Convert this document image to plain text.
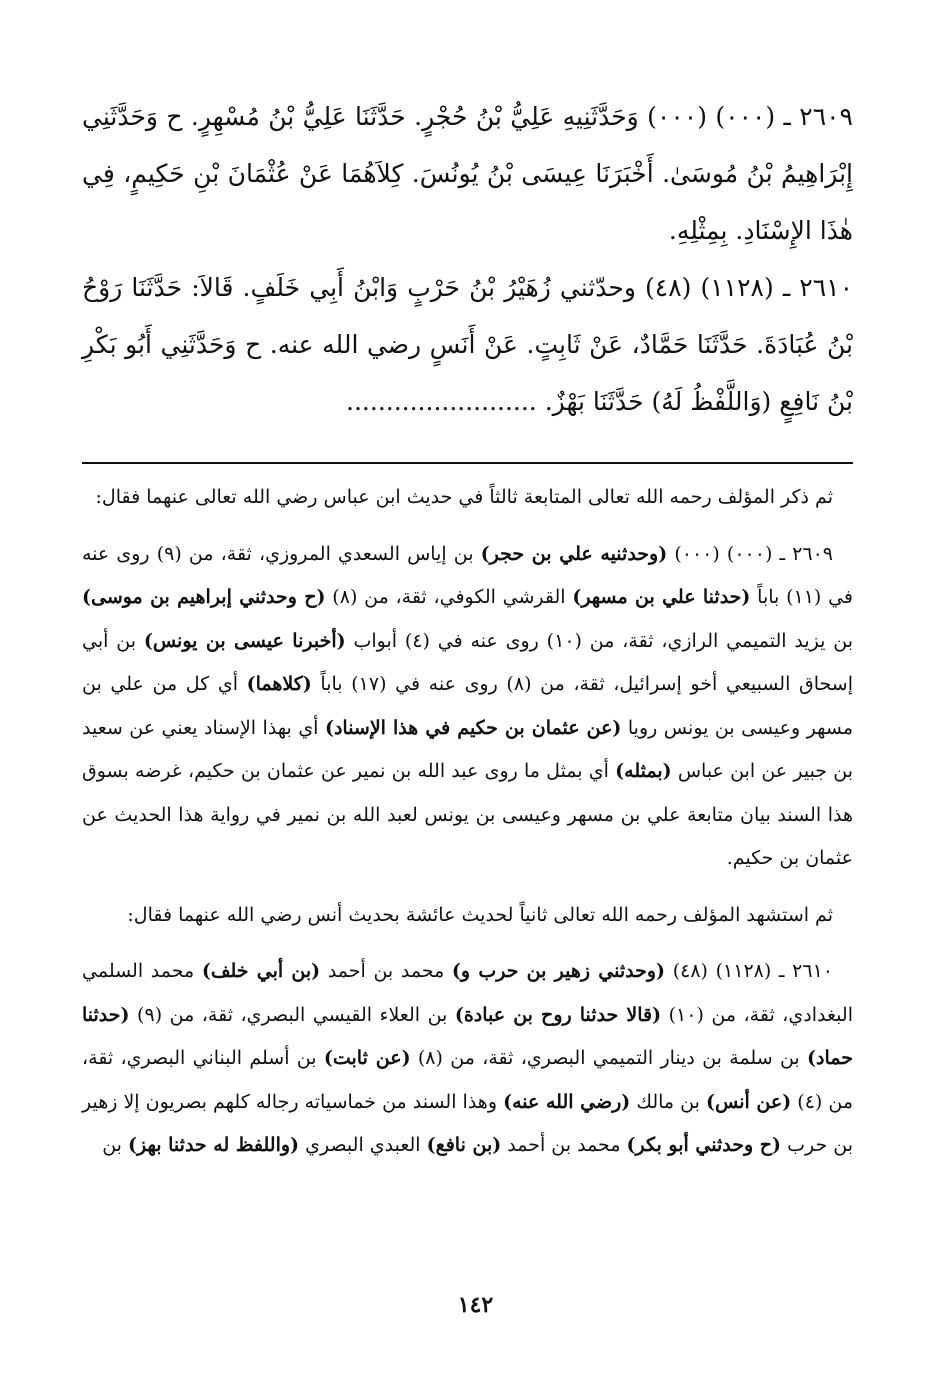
٢٦٠٩ ـ (٠٠٠) (٠٠٠) وَحَدَّثَنِيهِ عَلِيُّ بْنُ حُجْرٍ. حَدَّثَنَا عَلِيُّ بْنُ مُسْهِرٍ. ح وَحَدَّثَنِي إِبْرَاهِيمُ بْنُ مُوسَىٰ. أَخْبَرَنَا عِيسَى بْنُ يُونُسَ. كِلاَهُمَا عَنْ عُثْمَانَ بْنِ حَكِيمٍ، فِي هٰذَا الإِسْنَادِ. بِمِثْلِهِ.

٢٦١٠ ـ (١١٢٨) (٤٨) وحدّثني زُهَيْرُ بْنُ حَرْبٍ وَابْنُ أَبِي خَلَفٍ. قَالاَ: حَدَّثَنَا رَوْحُ بْنُ عُبَادَةَ. حَدَّثَنَا حَمَّادٌ، عَنْ ثَابِتٍ. عَنْ أَنَسٍ رضي الله عنه. ح وَحَدَّثَنِي أَبُو بَكْرِ بْنُ نَافِعٍ (وَاللَّفْظُ لَهُ) حَدَّثَنَا بَهْزٌ. ........................

ثم ذكر المؤلف رحمه الله تعالى المتابعة ثالثاً في حديث ابن عباس رضي الله تعالى عنهما فقال:

٢٦٠٩ ـ (٠٠٠) (٠٠٠) (وحدثنيه علي بن حجر) بن إياس السعدي المروزي، ثقة، من (٩) روى عنه في (١١) باباً (حدثنا علي بن مسهر) القرشي الكوفي، ثقة، من (٨) (ح وحدثني إبراهيم بن موسى) بن يزيد التميمي الرازي، ثقة، من (١٠) روى عنه في (٤) أبواب (أخبرنا عيسى بن يونس) بن أبي إسحاق السبيعي أخو إسرائيل، ثقة، من (٨) روى عنه في (١٧) باباً (كلاهما) أي كل من علي بن مسهر وعيسى بن يونس رويا (عن عثمان بن حكيم في هذا الإسناد) أي بهذا الإسناد يعني عن سعيد بن جبير عن ابن عباس (بمثله) أي بمثل ما روى عبد الله بن نمير عن عثمان بن حكيم، غرضه بسوق هذا السند بيان متابعة علي بن مسهر وعيسى بن يونس لعبد الله بن نمير في رواية هذا الحديث عن عثمان بن حكيم.

ثم استشهد المؤلف رحمه الله تعالى ثانياً لحديث عائشة بحديث أنس رضي الله عنهما فقال:

٢٦١٠ ـ (١١٢٨) (٤٨) (وحدثني زهير بن حرب و) محمد بن أحمد (بن أبي خلف) محمد السلمي البغدادي، ثقة، من (١٠) (قالا حدثنا روح بن عبادة) بن العلاء القيسي البصري، ثقة، من (٩) (حدثنا حماد) بن سلمة بن دينار التميمي البصري، ثقة، من (٨) (عن ثابت) بن أسلم البناني البصري، ثقة، من (٤) (عن أنس) بن مالك (رضي الله عنه) وهذا السند من خماسياته رجاله كلهم بصريون إلا زهير بن حرب (ح وحدثني أبو بكر) محمد بن أحمد (بن نافع) العبدي البصري (واللفظ له حدثنا بهز) بن

١٤٢
